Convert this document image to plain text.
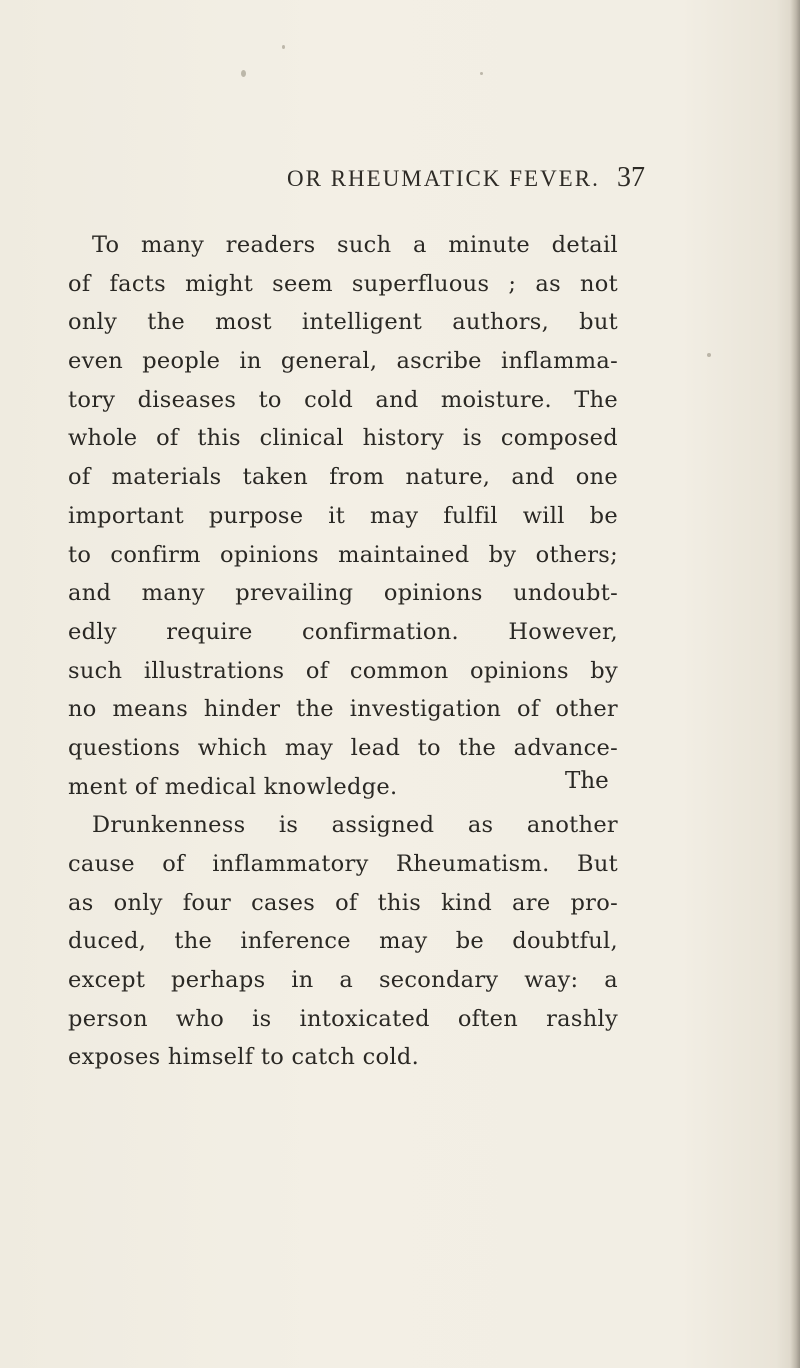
OR RHEUMATICK FEVER. 37
To many readers such a minute detail
of facts might seem superfluous ; as not
only the most intelligent authors, but
even people in general, ascribe inflamma-
tory diseases to cold and moisture. The
whole of this clinical history is composed
of materials taken from nature, and one
important purpose it may fulfil will be
to confirm opinions maintained by others;
and many prevailing opinions undoubt-
edly require confirmation. However,
such illustrations of common opinions by
no means hinder the investigation of other
questions which may lead to the advance-
ment of medical knowledge.
Drunkenness is assigned as another
cause of inflammatory Rheumatism. But
as only four cases of this kind are pro-
duced, the inference may be doubtful,
except perhaps in a secondary way: a
person who is intoxicated often rashly
exposes himself to catch cold.
The
